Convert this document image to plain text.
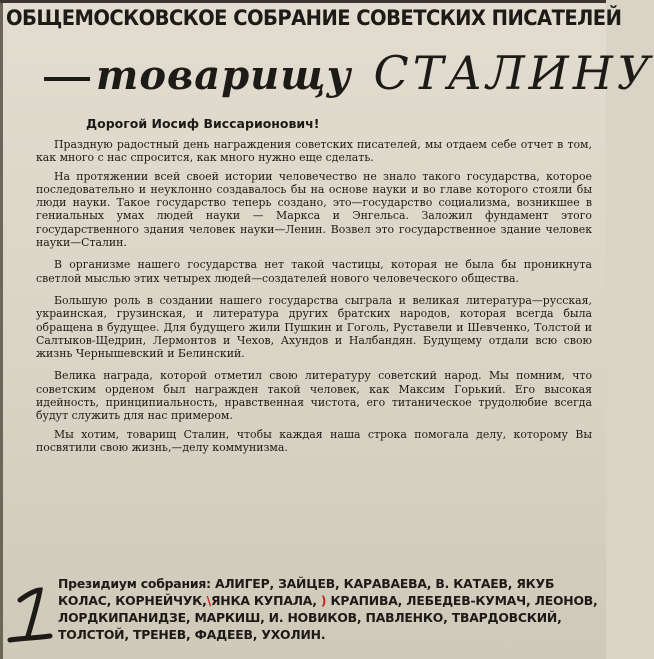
ОБЩЕМОСКОВСКОЕ СОБРАНИЕ СОВЕТСКИХ ПИСАТЕЛЕЙ
товарищу СТАЛИНУ
Дорогой Иосиф Виссарионович!

Праздную радостный день награждения советских писателей, мы отдаем себе отчет в том, как много с нас спросится, как много нужно еще сделать.

На протяжении всей своей истории человечество не знало такого государства, которое последовательно и неуклонно создавалось бы на основе науки и во главе которого стояли бы люди науки. Такое государство теперь создано, это—государство социализма, возникшее в гениальных умах людей науки — Маркса и Энгельса. Заложил фундамент этого государственного здания человек науки—Ленин. Возвел это государственное здание человек науки—Сталин.

В организме нашего государства нет такой частицы, которая не была бы проникнута светлой мыслью этих четырех людей—создателей нового человеческого общества.

Большую роль в создании нашего государства сыграла и великая литература—русская, украинская, грузинская, и литература других братских народов, которая всегда была обращена в будущее. Для будущего жили Пушкин и Гоголь, Руставели и Шевченко, Толстой и Салтыков-Щедрин, Лермонтов и Чехов, Ахундов и Налбандян. Будущему отдали всю свою жизнь Чернышевский и Белинский.

Велика награда, которой отметил свою литературу советский народ. Мы помним, что советским орденом был награжден такой человек, как Максим Горький. Его высокая идейность, принципиальность, нравственная чистота, его титаническое трудолюбие всегда будут служить для нас примером.

Мы хотим, товарищ Сталин, чтобы каждая наша строка помогала делу, которому Вы посвятили свою жизнь,—делу коммунизма.

Президиум собрания: АЛИГЕР, ЗАЙЦЕВ, КАРАВАЕВА, В. КАТАЕВ, ЯКУБ КОЛАС, КОРНЕЙЧУК,\ЯНКА КУПАЛА, ) КРАПИВА, ЛЕБЕДЕВ-КУМАЧ, ЛЕОНОВ, ЛОРДКИПАНИДЗЕ, МАРКИШ, И. НОВИКОВ, ПАВЛЕНКО, ТВАРДОВСКИЙ, ТОЛСТОЙ, ТРЕНЕВ, ФАДЕЕВ, УХОЛИН.
